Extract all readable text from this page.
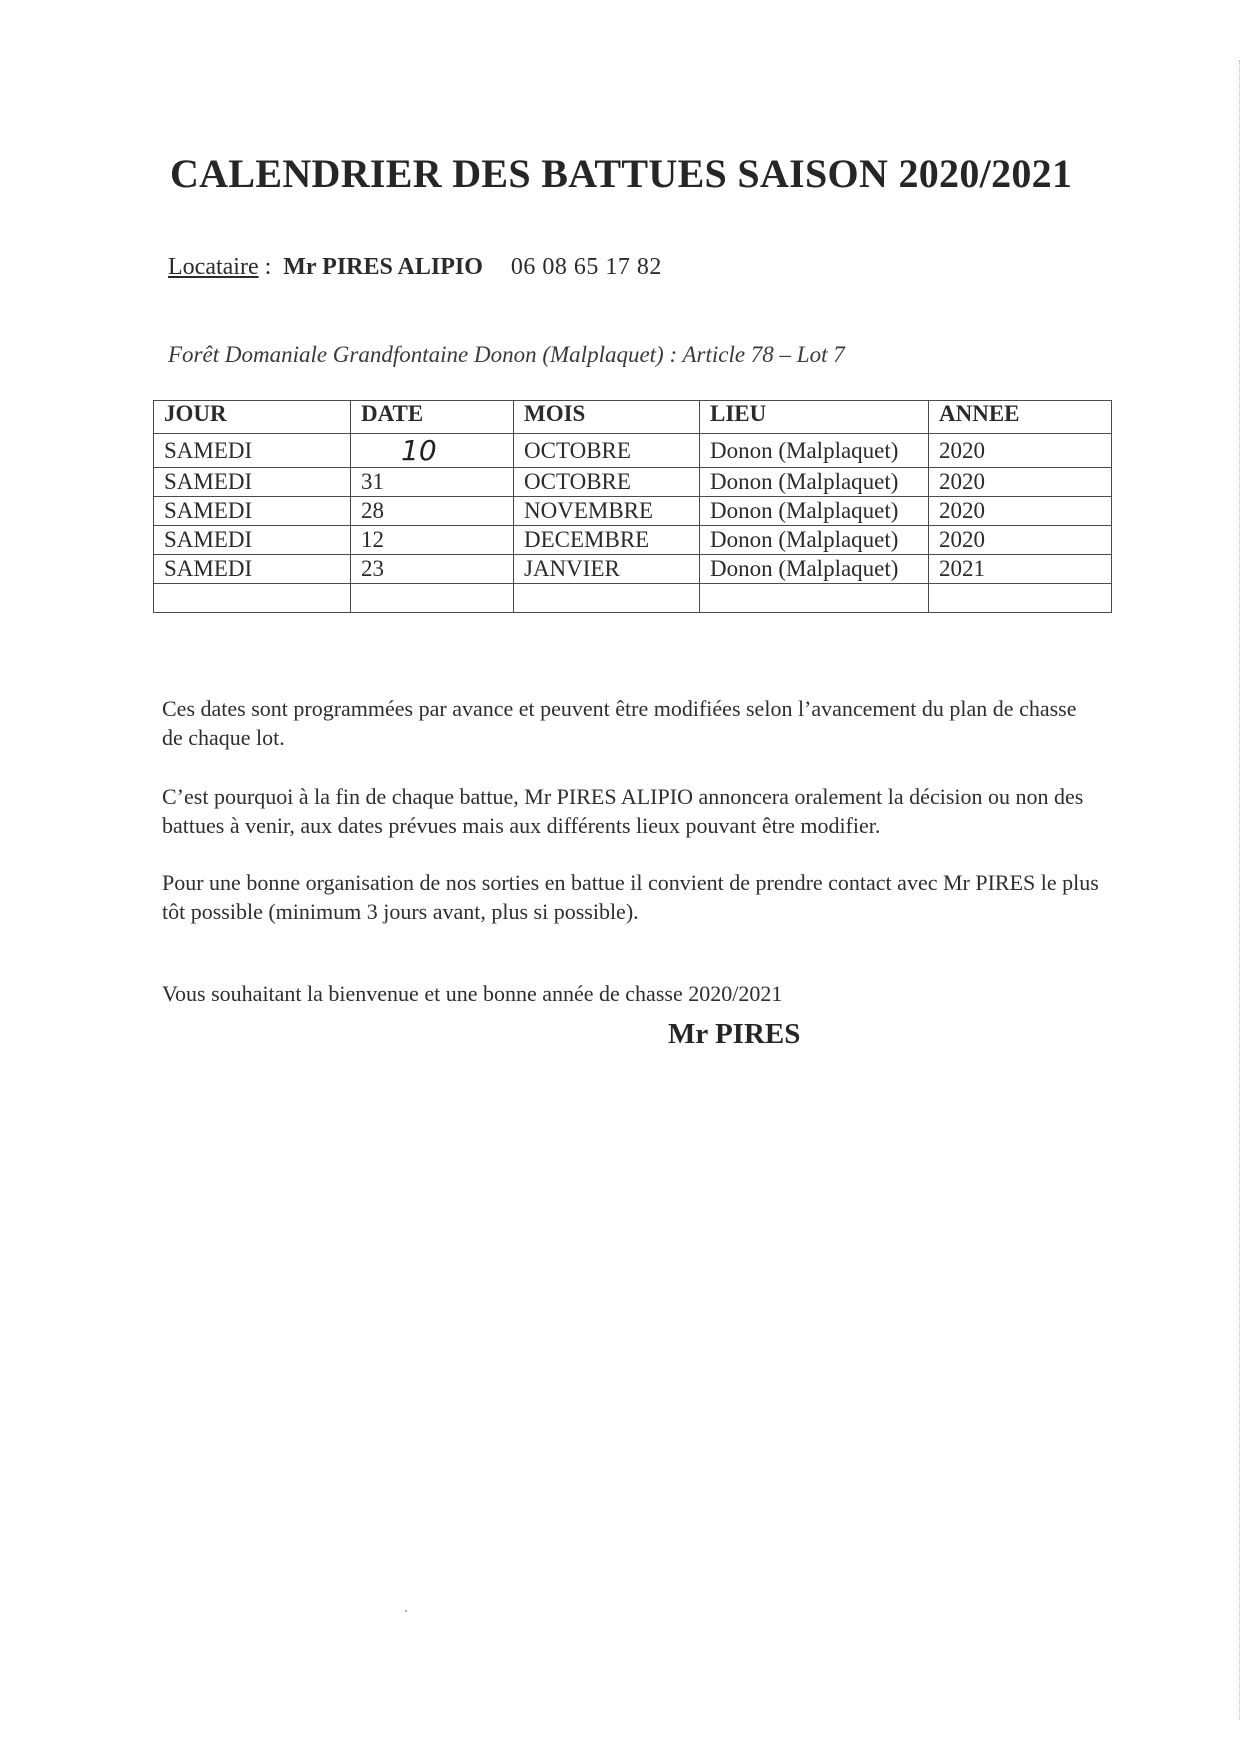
CALENDRIER DES BATTUES SAISON 2020/2021
Locataire : Mr PIRES ALIPIO 06 08 65 17 82
Forêt Domaniale Grandfontaine Donon (Malplaquet) : Article 78 – Lot 7
JOUR	DATE	MOIS	LIEU	ANNEE
SAMEDI	10	OCTOBRE	Donon (Malplaquet)	2020
SAMEDI	31	OCTOBRE	Donon (Malplaquet)	2020
SAMEDI	28	NOVEMBRE	Donon (Malplaquet)	2020
SAMEDI	12	DECEMBRE	Donon (Malplaquet)	2020
SAMEDI	23	JANVIER	Donon (Malplaquet)	2021

Ces dates sont programmées par avance et peuvent être modifiées selon l’avancement du plan de chasse de chaque lot.

C’est pourquoi à la fin de chaque battue, Mr PIRES ALIPIO annoncera oralement la décision ou non des battues à venir, aux dates prévues mais aux différents lieux pouvant être modifier.

Pour une bonne organisation de nos sorties en battue il convient de prendre contact avec Mr PIRES le plus tôt possible (minimum 3 jours avant, plus si possible).

Vous souhaitant la bienvenue et une bonne année de chasse 2020/2021

Mr PIRES
